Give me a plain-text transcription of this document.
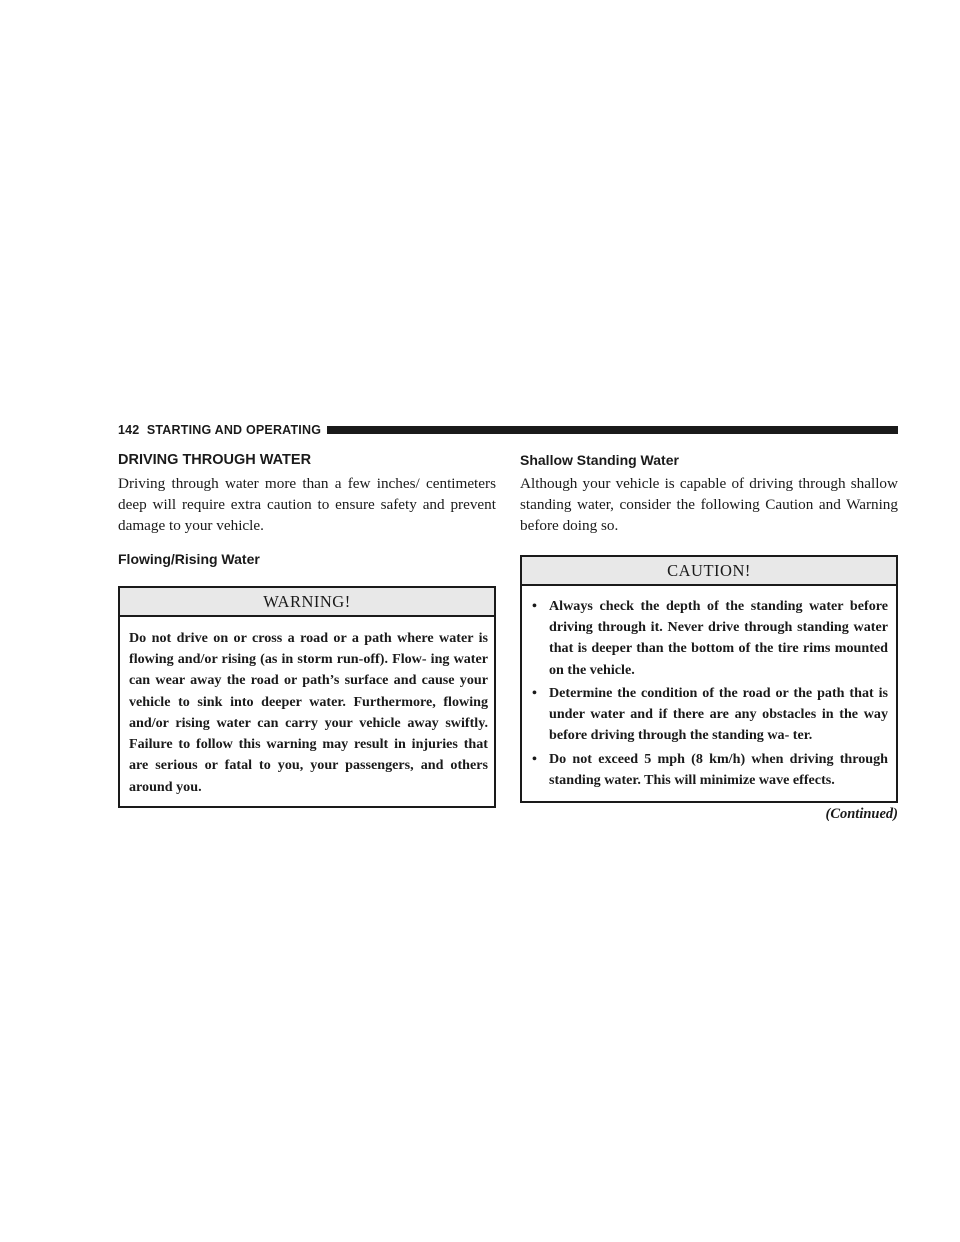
142 STARTING AND OPERATING
DRIVING THROUGH WATER

Driving through water more than a few inches/ centimeters deep will require extra caution to ensure safety and prevent damage to your vehicle.

Flowing/Rising Water
WARNING!
Do not drive on or cross a road or a path where water is flowing and/or rising (as in storm run-off). Flow- ing water can wear away the road or path’s surface and cause your vehicle to sink into deeper water. Furthermore, flowing and/or rising water can carry your vehicle away swiftly. Failure to follow this warning may result in injuries that are serious or fatal to you, your passengers, and others around you.
Shallow Standing Water

Although your vehicle is capable of driving through shallow standing water, consider the following Caution and Warning before doing so.

CAUTION!
• Always check the depth of the standing water before driving through it. Never drive through standing water that is deeper than the bottom of the tire rims mounted on the vehicle.
• Determine the condition of the road or the path that is under water and if there are any obstacles in the way before driving through the standing wa- ter.
• Do not exceed 5 mph (8 km/h) when driving through standing water. This will minimize wave effects.
(Continued)
